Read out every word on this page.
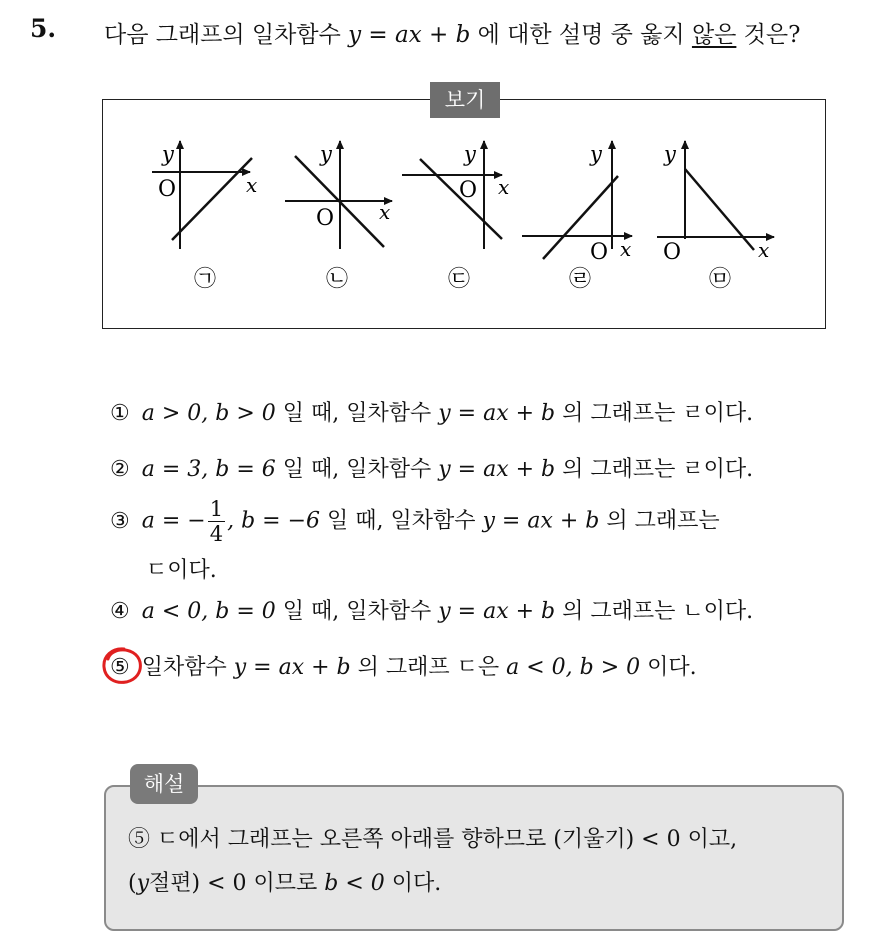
5. 다음 그래프의 일차함수 y = ax + b 에 대한 설명 중 옳지 않은 것은?
보기
y
x
O
㉠
y
x
O
㉡
y
x
O
㉢
y
x
O
㉣
y
x
O
㉤
① a > 0, b > 0 일 때, 일차함수 y = ax + b 의 그래프는 ㄹ이다.
② a = 3, b = 6 일 때, 일차함수 y = ax + b 의 그래프는 ㄹ이다.
③ a = − $\frac{1}{4}$ , b = −6 일 때, 일차함수 y = ax + b 의 그래프는
ㄷ이다.
④ a < 0, b = 0 일 때, 일차함수 y = ax + b 의 그래프는 ㄴ이다.
⑤ 일차함수 y = ax + b 의 그래프 ㄷ은 a < 0, b > 0 이다.
해설
⑤ ㄷ에서 그래프는 오른쪽 아래를 향하므로 (기울기) < 0 이고,
(y절편) < 0 이므로 b < 0 이다.
